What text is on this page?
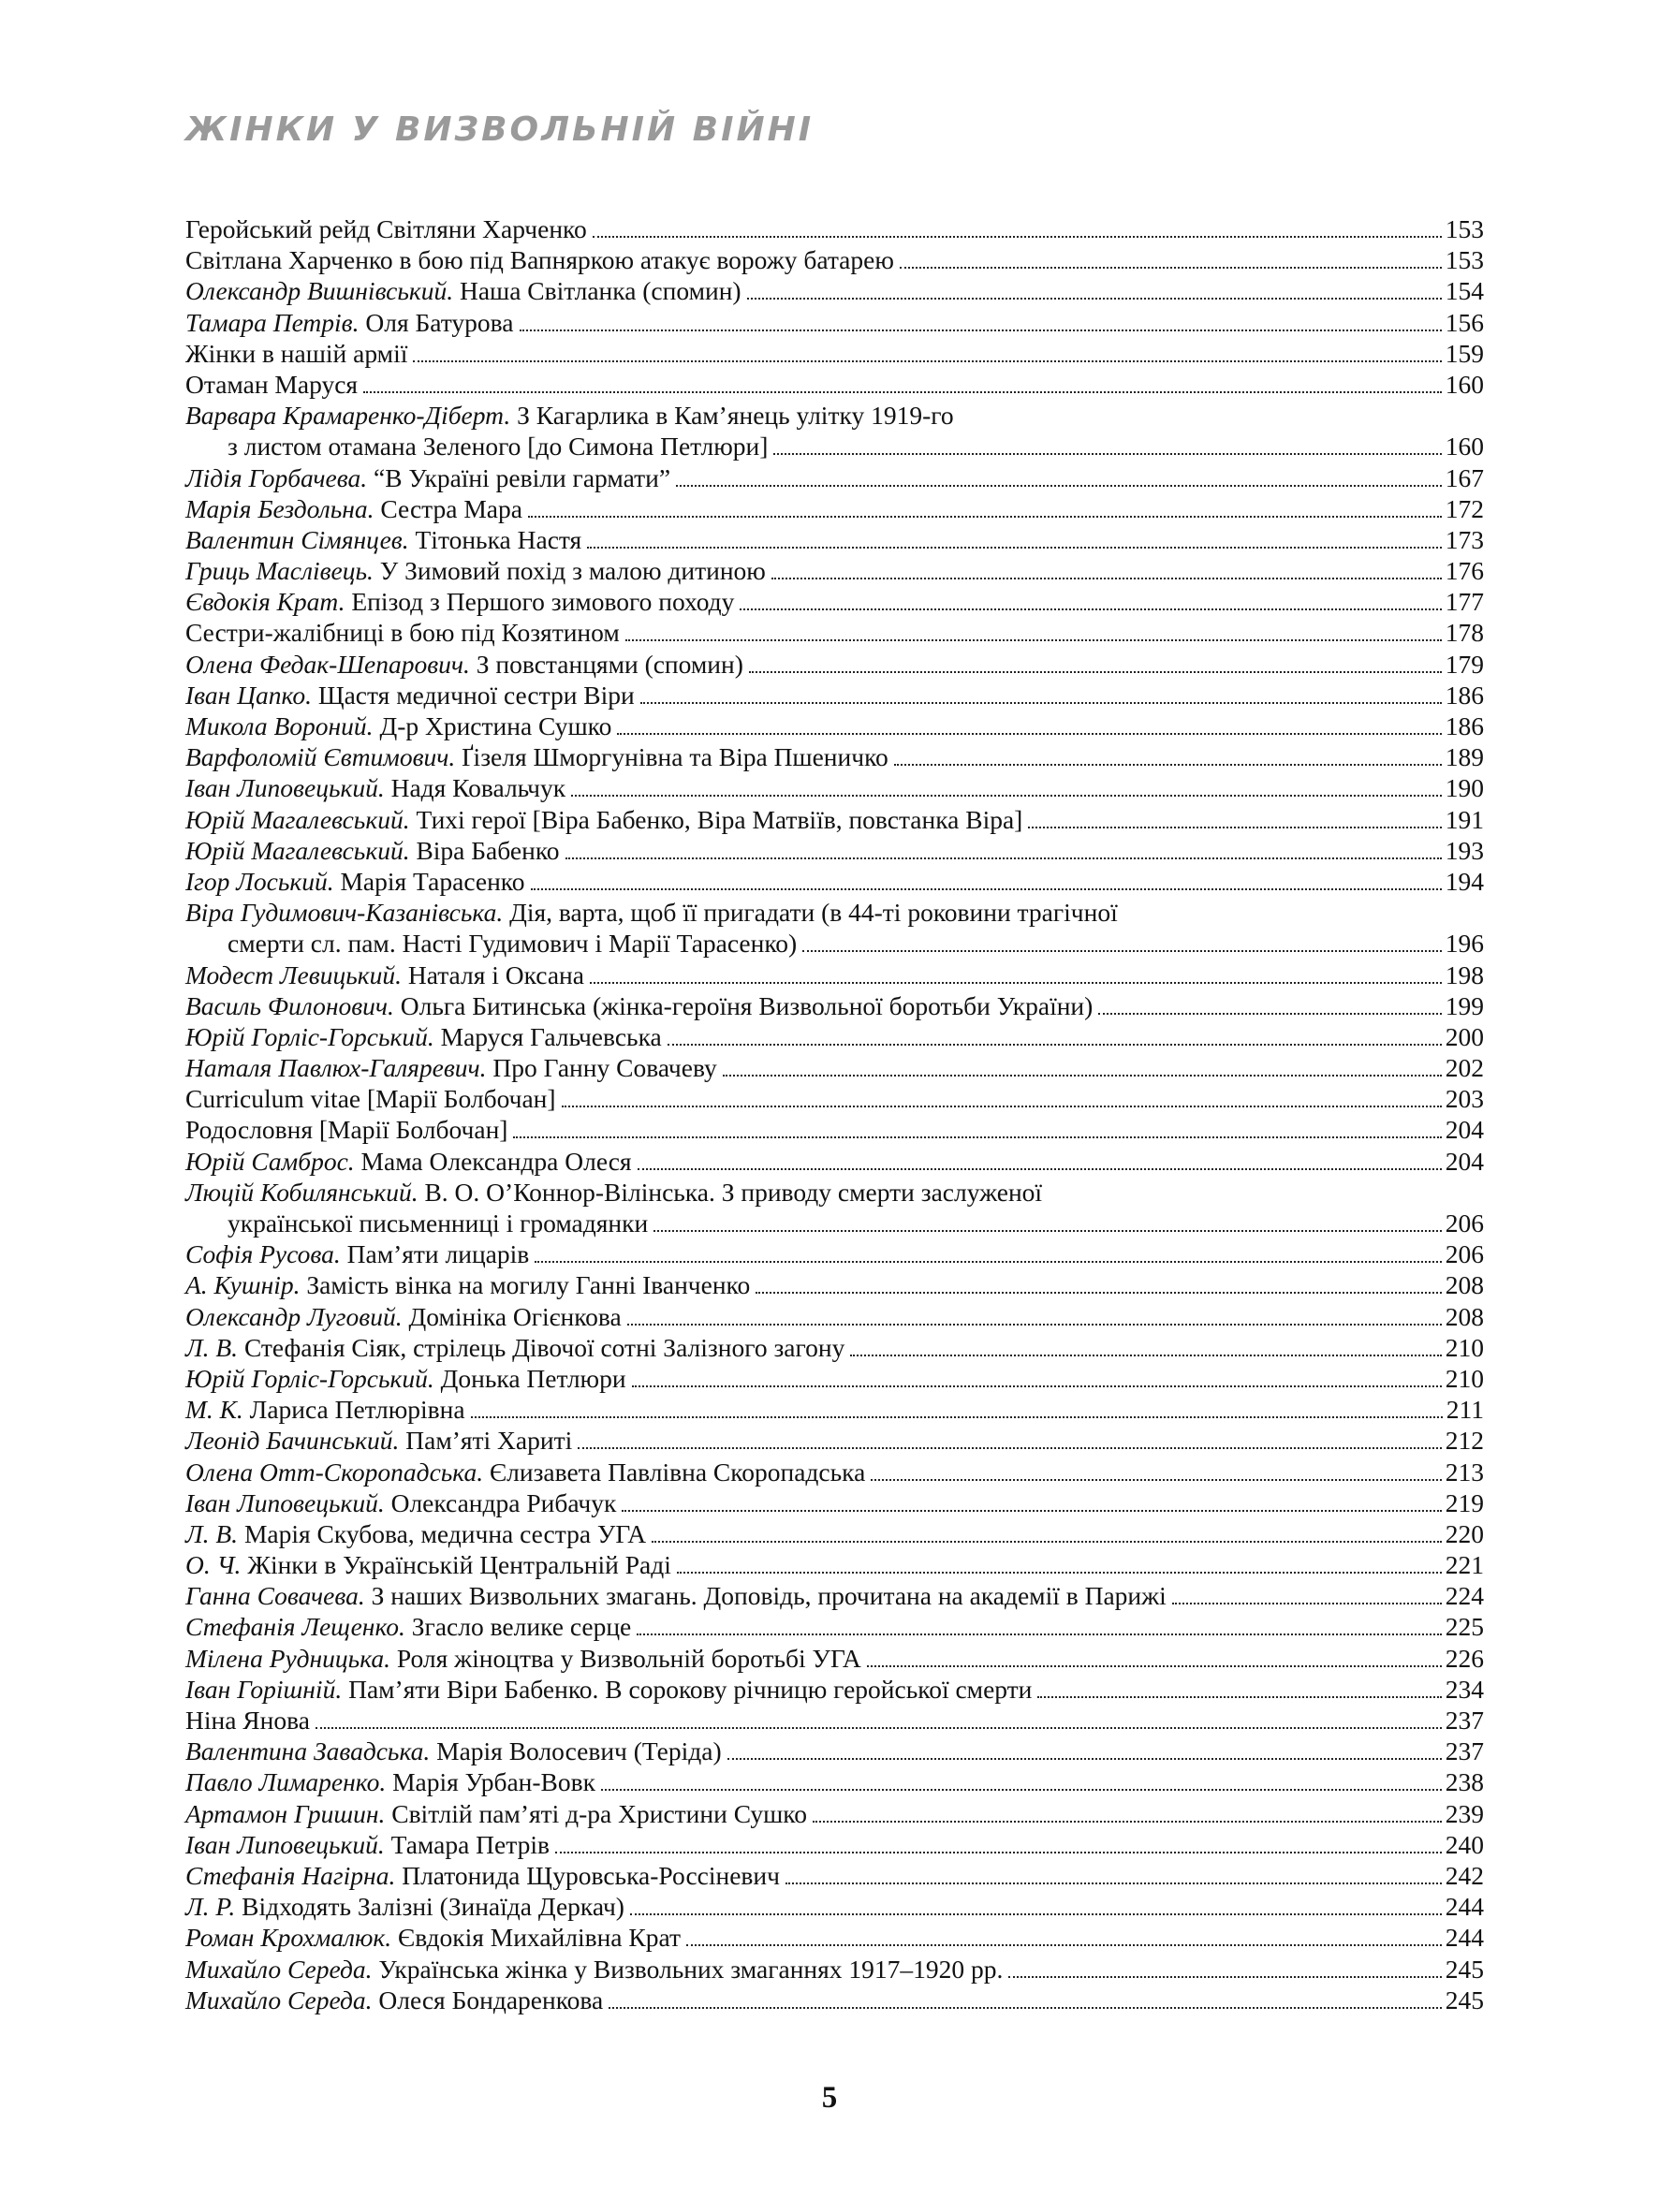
ЖІНКИ У ВИЗВОЛЬНІЙ ВІЙНІ
Геройський рейд Світляни Харченко	153
Світлана Харченко в бою під Вапняркою атакує ворожу батарею	153
Олександр Вишнівський. Наша Світланка (спомин)	154
Тамара Петрів. Оля Батурова	156
Жінки в нашій армії	159
Отаман Маруся	160
Варвара Крамаренко-Діберт. З Кагарлика в Кам’янець улітку 1919-го
з листом отамана Зеленого [до Симона Петлюри]	160
Лідія Горбачева. “В Україні ревіли гармати”	167
Марія Бездольна. Сестра Мара	172
Валентин Сімянцев. Тітонька Настя	173
Гриць Маслівець. У Зимовий похід з малою дитиною	176
Євдокія Крат. Епізод з Першого зимового походу	177
Сестри-жалібниці в бою під Козятином	178
Олена Федак-Шепарович. З повстанцями (спомин)	179
Іван Цапко. Щастя медичної сестри Віри	186
Микола Вороний. Д-р Христина Сушко	186
Варфоломій Євтимович. Ґізеля Шморгунівна та Віра Пшеничко	189
Іван Липовецький. Надя Ковальчук	190
Юрій Магалевський. Тихі герої [Віра Бабенко, Віра Матвіїв, повстанка Віра]	191
Юрій Магалевський. Віра Бабенко	193
Ігор Лоський. Марія Тарасенко	194
Віра Гудимович-Казанівська. Дія, варта, щоб її пригадати (в 44-ті роковини трагічної
смерти сл. пам. Насті Гудимович і Марії Тарасенко)	196
Модест Левицький. Наталя і Оксана	198
Василь Филонович. Ольга Битинська (жінка-героїня Визвольної боротьби України)	199
Юрій Горліс-Горський. Маруся Гальчевська	200
Наталя Павлюх-Галяревич. Про Ганну Совачеву	202
Curriculum vitae [Марії Болбочан]	203
Родословня [Марії Болбочан]	204
Юрій Самброс. Мама Олександра Олеся	204
Люцій Кобилянський. В. О. О’Коннор-Вілінська. З приводу смерти заслуженої
української письменниці і громадянки	206
Софія Русова. Пам’яти лицарів	206
А. Кушнір. Замість вінка на могилу Ганні Іванченко	208
Олександр Луговий. Домініка Огієнкова	208
Л. В. Стефанія Сіяк, стрілець Дівочої сотні Залізного загону	210
Юрій Горліс-Горський. Донька Петлюри	210
М. К. Лариса Петлюрівна	211
Леонід Бачинський. Пам’яті Хариті	212
Олена Отт-Скоропадська. Єлизавета Павлівна Скоропадська	213
Іван Липовецький. Олександра Рибачук	219
Л. В. Марія Скубова, медична сестра УГА	220
О. Ч. Жінки в Українській Центральній Раді	221
Ганна Совачева. З наших Визвольних змагань. Доповідь, прочитана на академії в Парижі	224
Стефанія Лещенко. Згасло велике серце	225
Мілена Рудницька. Роля жіноцтва у Визвольній боротьбі УГА	226
Іван Горішній. Пам’яти Віри Бабенко. В сорокову річницю геройської смерти	234
Ніна Янова	237
Валентина Завадська. Марія Волосевич (Теріда)	237
Павло Лимаренко. Марія Урбан-Вовк	238
Артамон Гришин. Світлій пам’яті д-ра Христини Сушко	239
Іван Липовецький. Тамара Петрів	240
Стефанія Нагірна. Платонида Щуровська-Россіневич	242
Л. Р. Відходять Залізні (Зинаїда Деркач)	244
Роман Крохмалюк. Євдокія Михайлівна Крат	244
Михайло Середа. Українська жінка у Визвольних змаганнях 1917–1920 рр.	245
Михайло Середа. Олеся Бондаренкова	245
5
